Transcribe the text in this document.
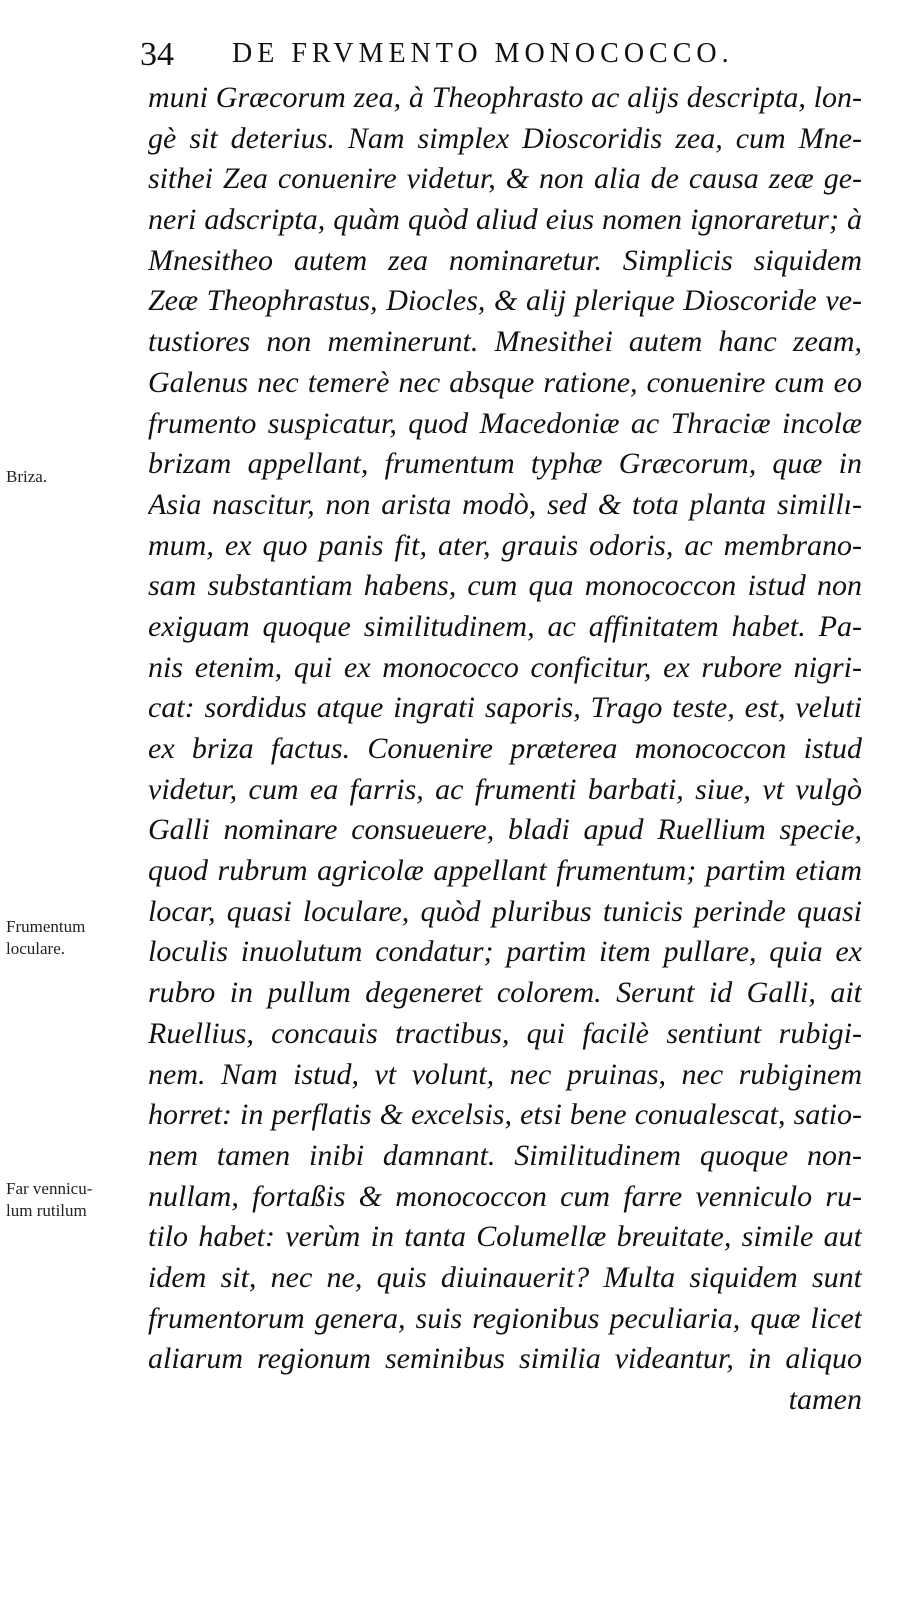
34 DE FRVMENTO MONOCOCCO.
Briza.
Frumentum
loculare.
Far vennicu-
lum rutilum
muni Græcorum zea, à Theophrasto ac alijs descripta, lon-
gè sit deterius. Nam simplex Dioscoridis zea, cum Mne-
sithei Zea conuenire videtur, & non alia de causa zeæ ge-
neri adscripta, quàm quòd aliud eius nomen ignoraretur; à
Mnesitheo autem zea nominaretur. Simplicis siquidem
Zeæ Theophrastus, Diocles, & alij plerique Dioscoride ve-
tustiores non meminerunt. Mnesithei autem hanc zeam,
Galenus nec temerè nec absque ratione, conuenire cum eo
frumento suspicatur, quod Macedoniæ ac Thraciæ incolæ
brizam appellant, frumentum typhæ Græcorum, quæ in
Asia nascitur, non arista modò, sed & tota planta simillı-
mum, ex quo panis fit, ater, grauis odoris, ac membrano-
sam substantiam habens, cum qua monococcon istud non
exiguam quoque similitudinem, ac affinitatem habet. Pa-
nis etenim, qui ex monococco conficitur, ex rubore nigri-
cat: sordidus atque ingrati saporis, Trago teste, est, veluti
ex briza factus. Conuenire præterea monococcon istud
videtur, cum ea farris, ac frumenti barbati, siue, vt vulgò
Galli nominare consueuere, bladi apud Ruellium specie,
quod rubrum agricolæ appellant frumentum; partim etiam
locar, quasi loculare, quòd pluribus tunicis perinde quasi
loculis inuolutum condatur; partim item pullare, quia ex
rubro in pullum degeneret colorem. Serunt id Galli, ait
Ruellius, concauis tractibus, qui facilè sentiunt rubigi-
nem. Nam istud, vt volunt, nec pruinas, nec rubiginem
horret: in perflatis & excelsis, etsi bene conualescat, satio-
nem tamen inibi damnant. Similitudinem quoque non-
nullam, fortaßis & monococcon cum farre venniculo ru-
tilo habet: verùm in tanta Columellæ breuitate, simile aut
idem sit, nec ne, quis diuinauerit? Multa siquidem sunt
frumentorum genera, suis regionibus peculiaria, quæ licet
aliarum regionum seminibus similia videantur, in aliquo
tamen
